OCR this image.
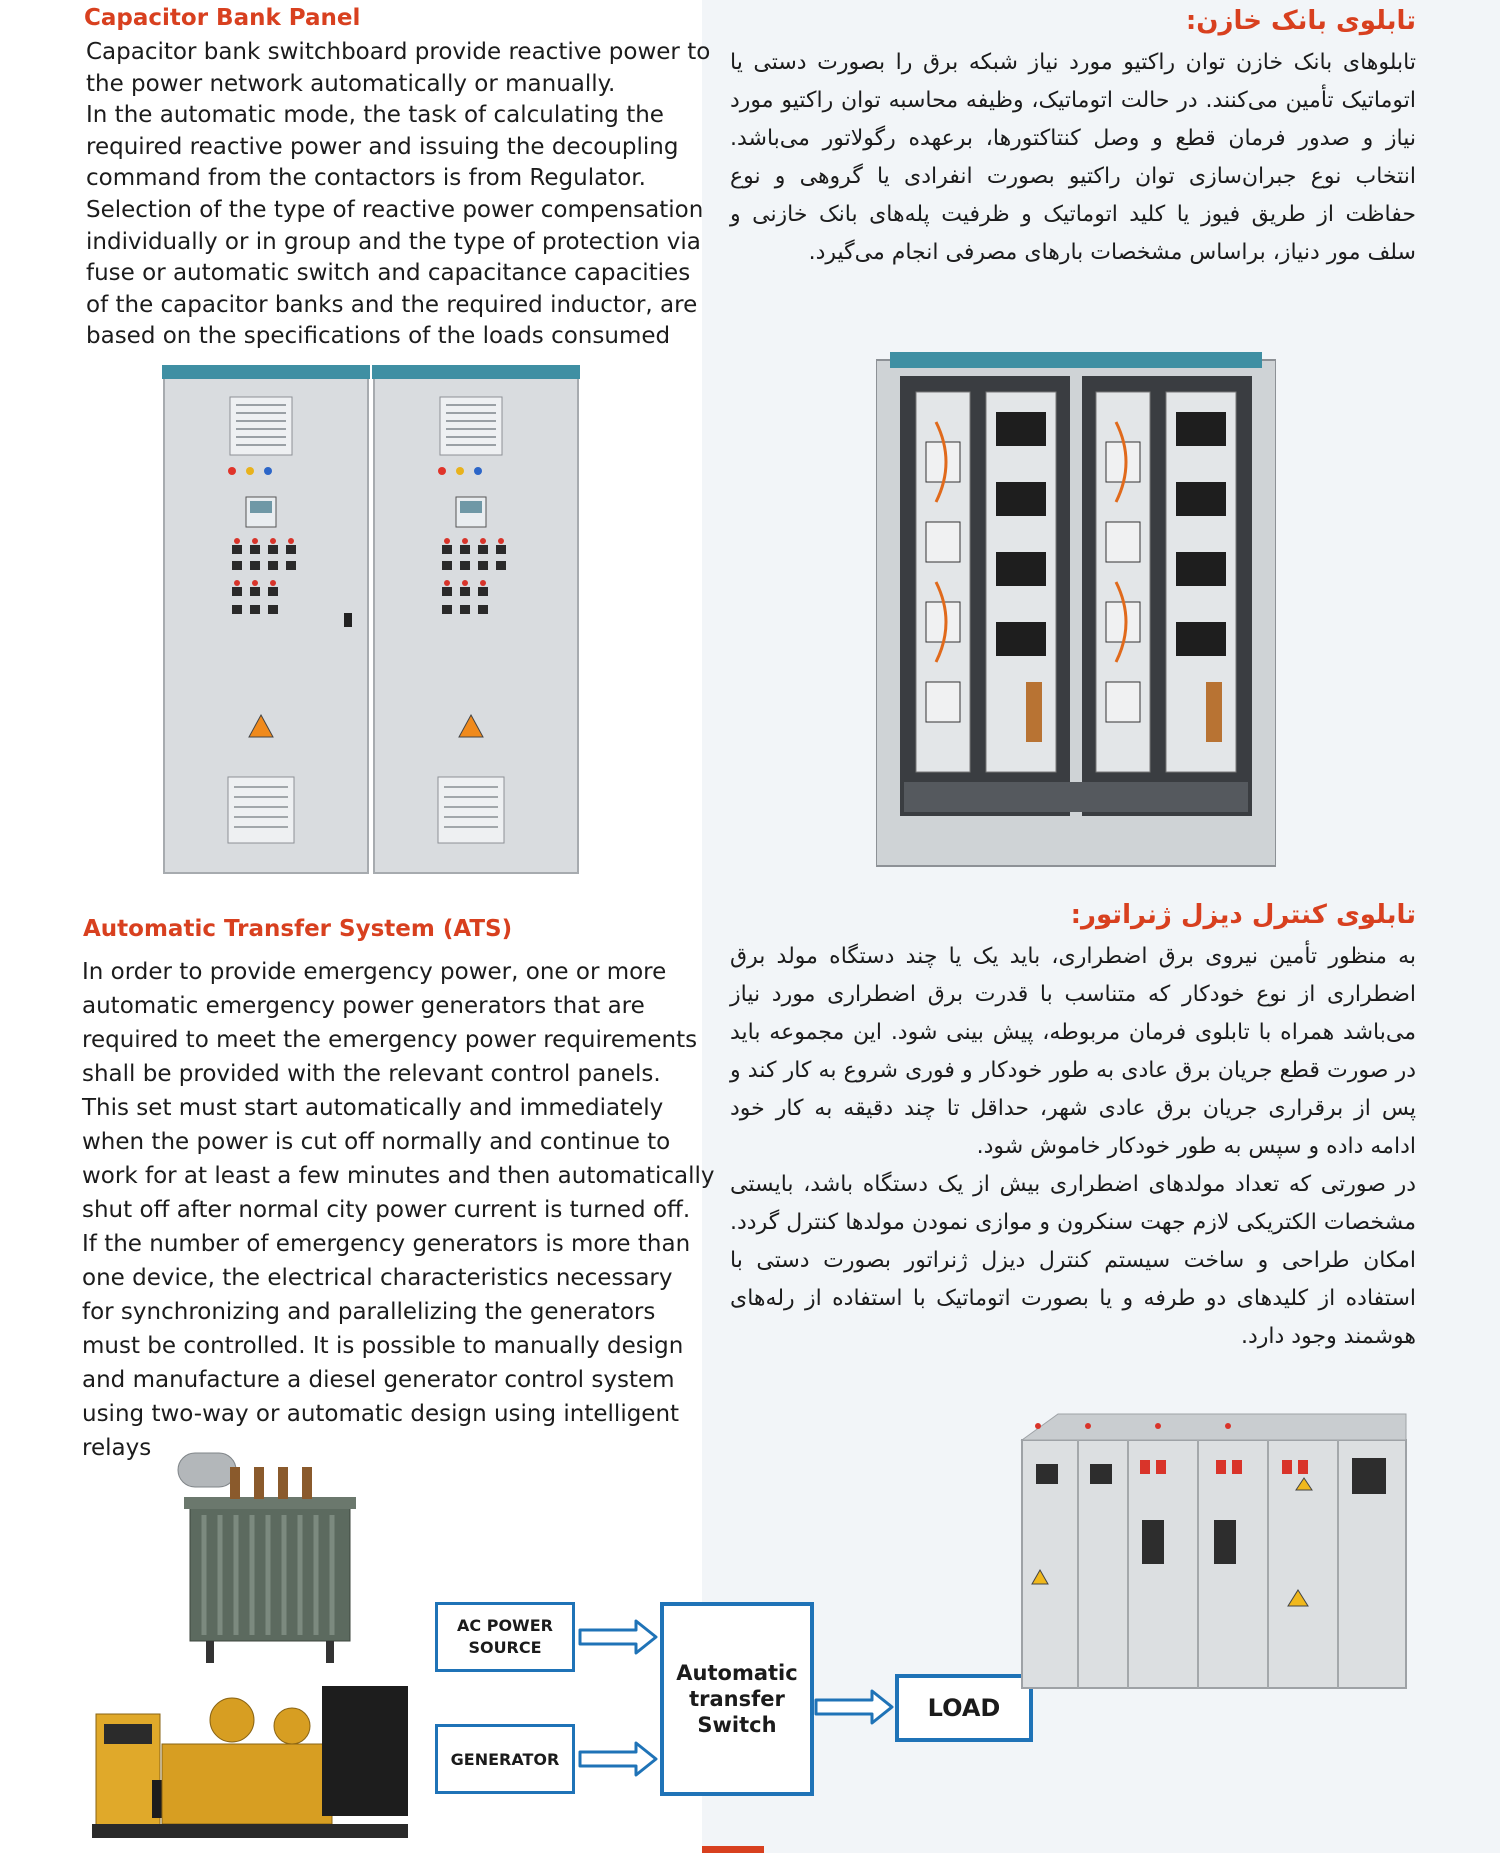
Capacitor Bank Panel
Capacitor bank switchboard provide reactive power to
the power network automatically or manually.
In the automatic mode, the task of calculating the
required reactive power and issuing the decoupling
command from the contactors is from Regulator.
Selection of the type of reactive power compensation
individually or in group and the type of protection via
fuse or automatic switch and capacitance capacities
of the capacitor banks and the required inductor, are
based on the specifications of the loads consumed
Automatic Transfer System (ATS)
In order to provide emergency power, one or more
automatic emergency power generators that are
required to meet the emergency power requirements
shall be provided with the relevant control panels.
This set must start automatically and immediately
when the power is cut off normally and continue to
work for at least a few minutes and then automatically
shut off after normal city power current is turned off.
If the number of emergency generators is more than
one device, the electrical characteristics necessary
for synchronizing and parallelizing the generators
must be controlled. It is possible to manually design
and manufacture a diesel generator control system
using two-way or automatic design using intelligent
relays
AC POWER
SOURCE
GENERATOR
Automatic
transfer
Switch
LOAD
تابلوی بانک خازن:
تابلوهای بانک خازن توان راکتیو مورد نیاز شبکه برق را بصورت دستی یا اتوماتیک تأمین می‌کنند. در حالت اتوماتیک، وظیفه محاسبه توان راکتیو مورد نیاز و صدور فرمان قطع و وصل کنتاکتورها، برعهده رگولاتور می‌باشد. انتخاب نوع جبران‌سازی توان راکتیو بصورت انفرادی یا گروهی و نوع حفاظت از طریق فیوز یا کلید اتوماتیک و ظرفیت پله‌های بانک خازنی و سلف مور دنیاز، براساس مشخصات بارهای مصرفی انجام می‌گیرد.
تابلوی کنترل دیزل ژنراتور:

به منظور تأمین نیروی برق اضطراری، باید یک یا چند دستگاه مولد برق اضطراری از نوع خودکار که متناسب با قدرت برق اضطراری مورد نیاز می‌باشد همراه با تابلوی فرمان مربوطه، پیش بینی شود. این مجموعه باید در صورت قطع جریان برق عادی به طور خودکار و فوری شروع به کار کند و پس از برقراری جریان برق عادی شهر، حداقل تا چند دقیقه به کار خود ادامه داده و سپس به طور خودکار خاموش شود.

در صورتی که تعداد مولدهای اضطراری بیش از یک دستگاه باشد، بایستی مشخصات الکتریکی لازم جهت سنکرون و موازی نمودن مولدها کنترل گردد. امکان طراحی و ساخت سیستم کنترل دیزل ژنراتور بصورت دستی با استفاده از کلیدهای دو طرفه و یا بصورت اتوماتیک با استفاده از رله‌های هوشمند وجود دارد.
